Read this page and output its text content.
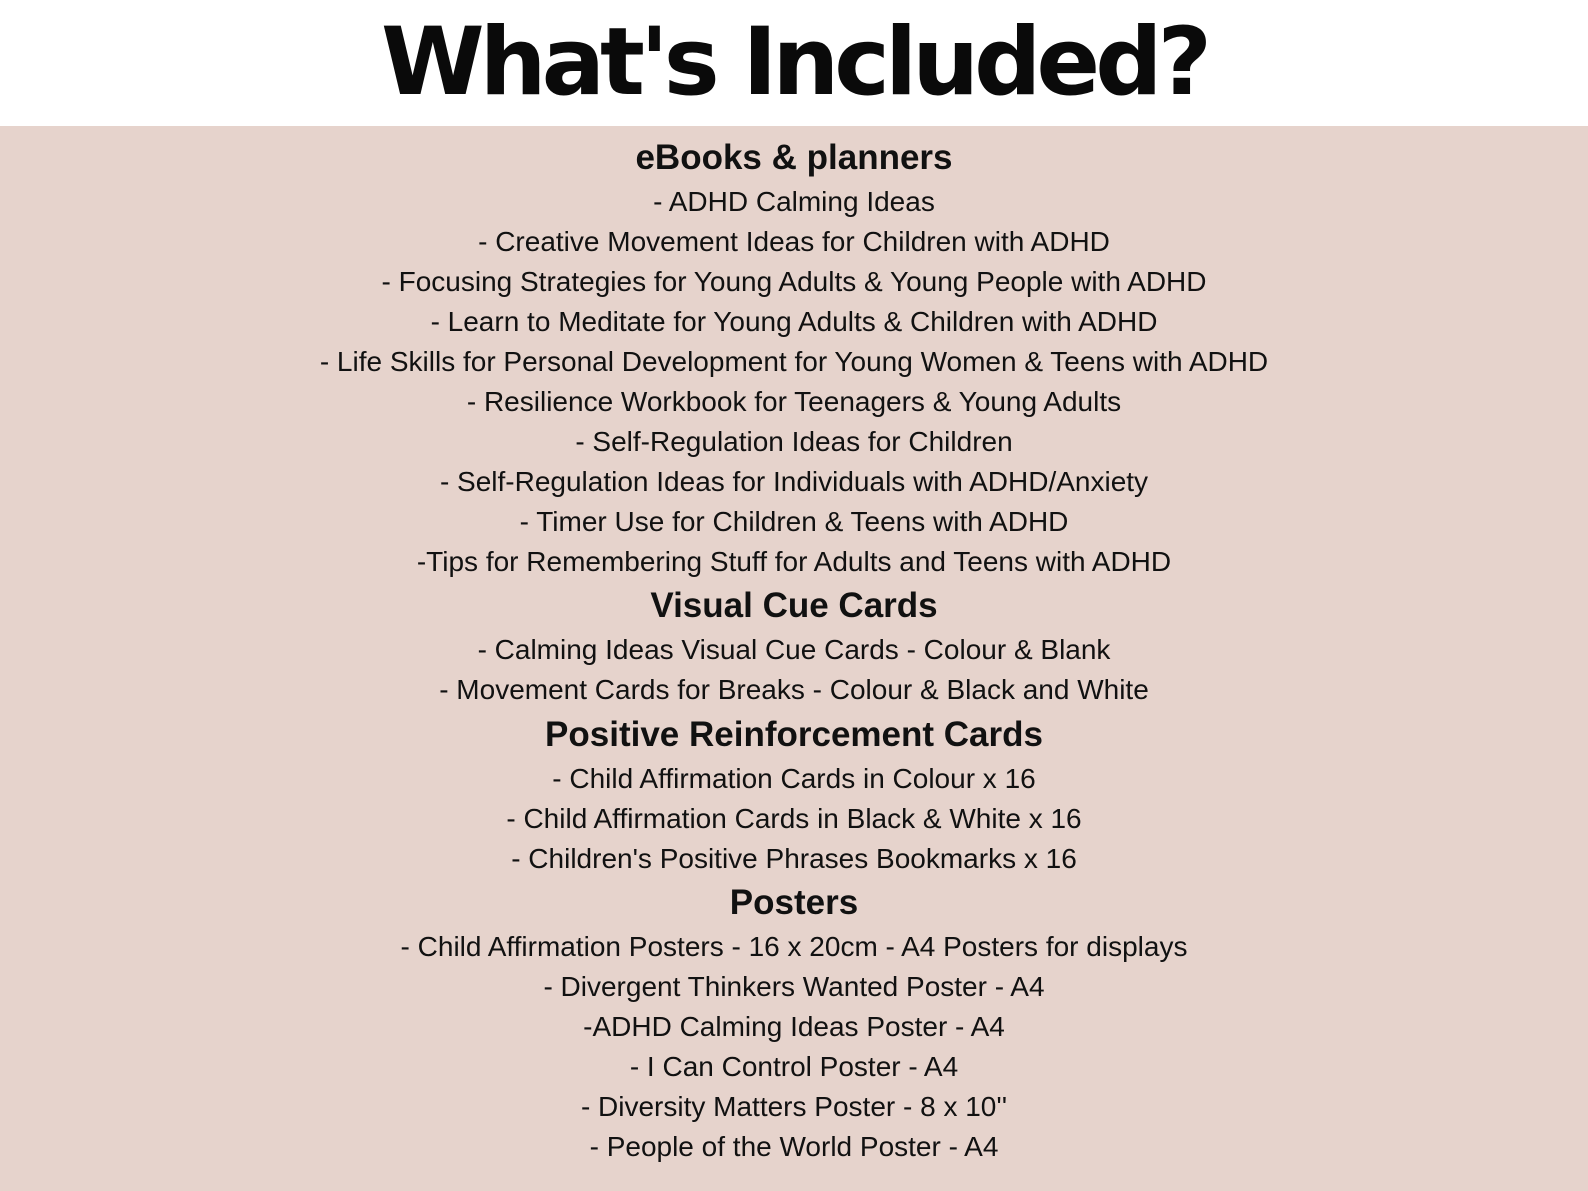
What's Included?
eBooks & planners
- ADHD Calming Ideas
- Creative Movement Ideas for Children with ADHD
- Focusing Strategies for Young Adults & Young People with ADHD
- Learn to Meditate for Young Adults & Children with ADHD
- Life Skills for Personal Development for Young Women & Teens with ADHD
- Resilience Workbook for Teenagers & Young Adults
- Self-Regulation Ideas for Children
- Self-Regulation Ideas for Individuals with ADHD/Anxiety
- Timer Use for Children & Teens with ADHD
-Tips for Remembering Stuff for Adults and Teens with ADHD
Visual Cue Cards
- Calming Ideas Visual Cue Cards - Colour & Blank
- Movement Cards for Breaks - Colour & Black and White
Positive Reinforcement Cards
- Child Affirmation Cards in Colour x 16
- Child Affirmation Cards in Black & White x 16
- Children's Positive Phrases Bookmarks x 16
Posters
- Child Affirmation Posters - 16 x 20cm - A4 Posters for displays
- Divergent Thinkers Wanted Poster - A4
-ADHD Calming Ideas Poster - A4
- I Can Control Poster - A4
- Diversity Matters Poster - 8 x 10''
- People of the World Poster - A4
